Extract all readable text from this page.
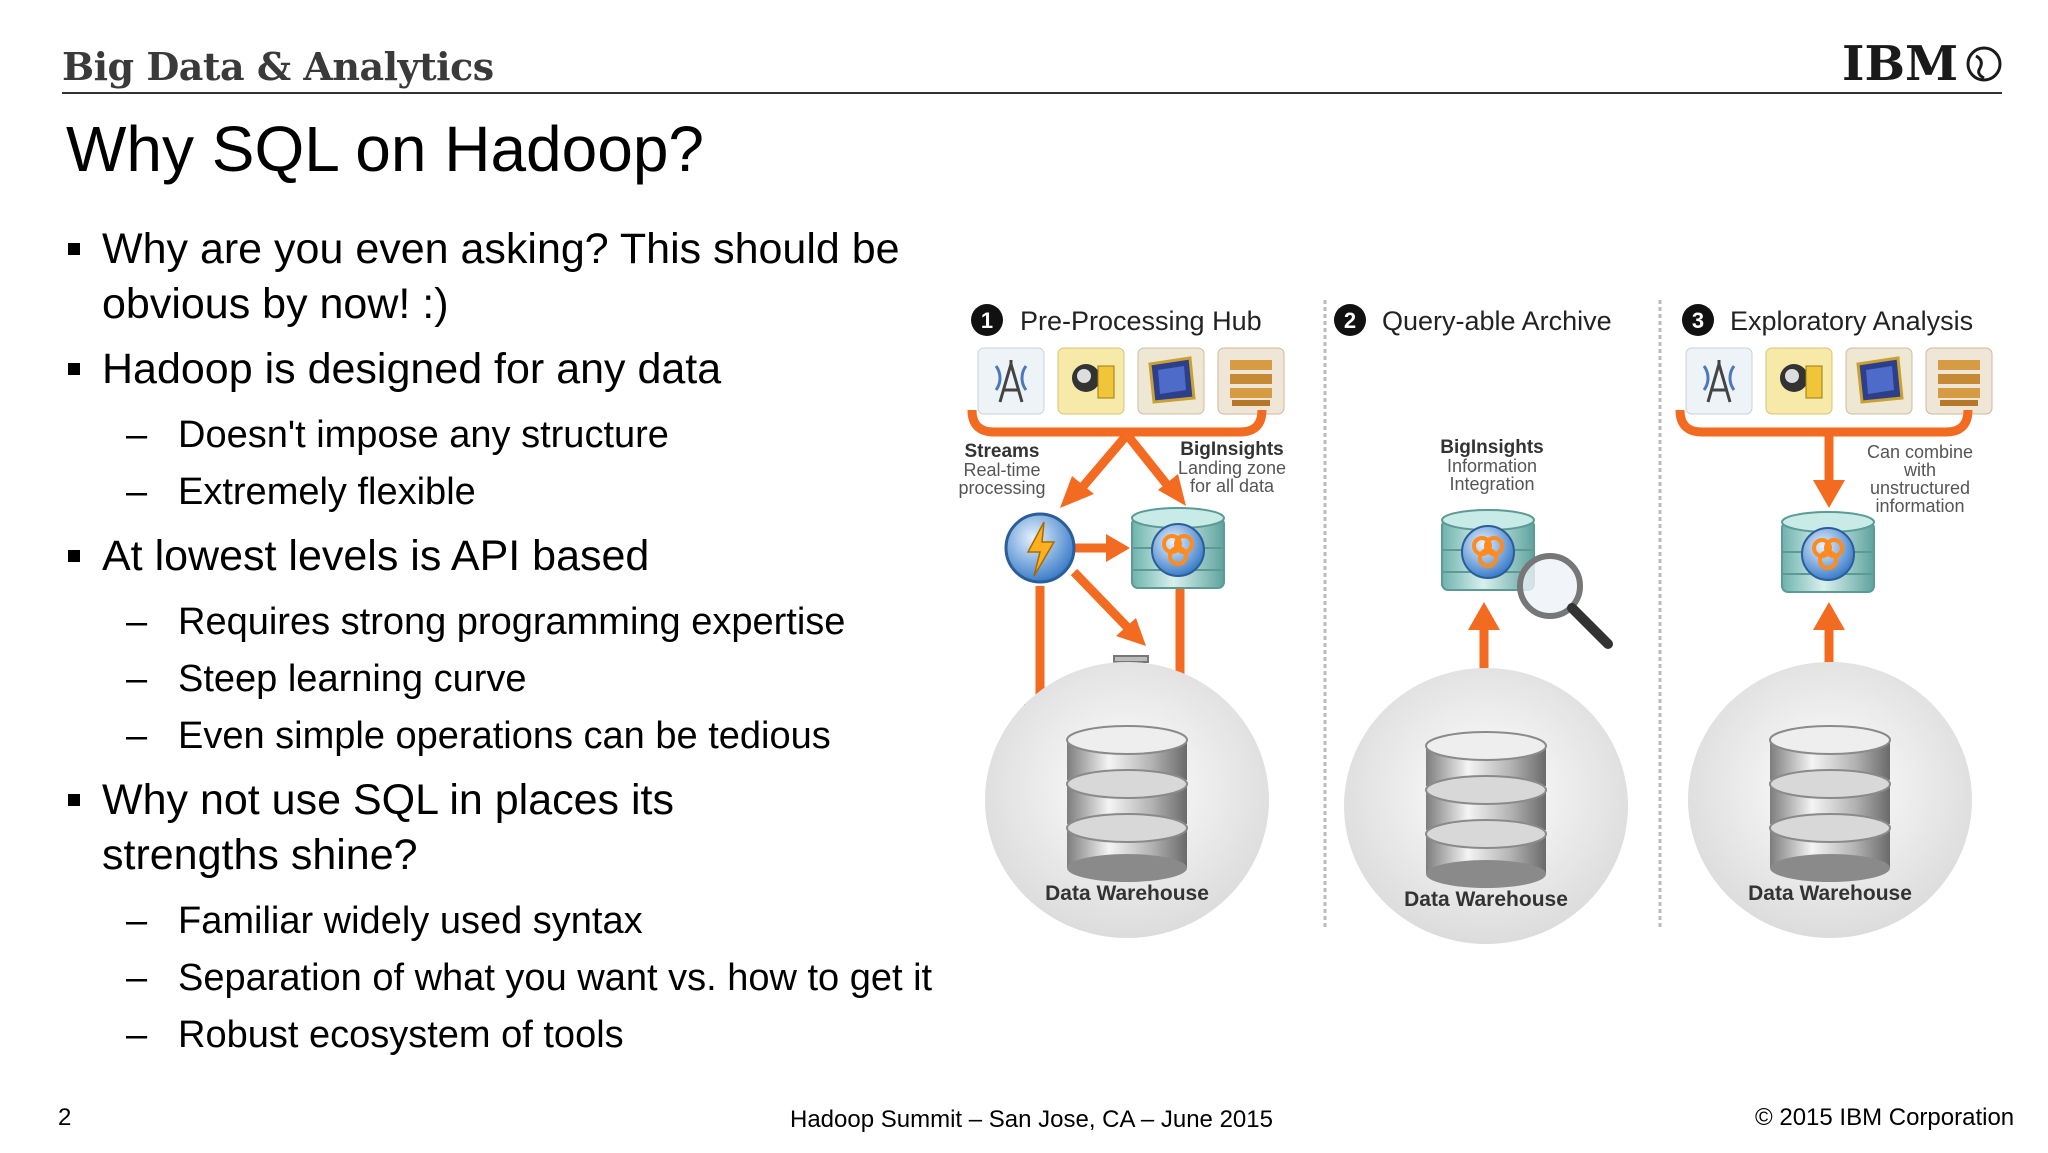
Big Data & Analytics	IBM
Why SQL on Hadoop?
Why are you even asking? This should be
obvious by now! :)
Hadoop is designed for any data
– Doesn't impose any structure
– Extremely flexible
At lowest levels is API based
– Requires strong programming expertise
– Steep learning curve
– Even simple operations can be tedious
Why not use SQL in places its
strengths shine?
– Familiar widely used syntax
– Separation of what you want vs. how to get it
– Robust ecosystem of tools
1 Pre-Processing Hub
Streams
Real-time
processing
BigInsights
Landing zone
for all data
Data Warehouse
2 Query-able Archive
BigInsights
Information
Integration
Data Warehouse
3 Exploratory Analysis
Can combine
with
unstructured
information
Data Warehouse
2	Hadoop Summit – San Jose, CA – June 2015	© 2015 IBM Corporation
